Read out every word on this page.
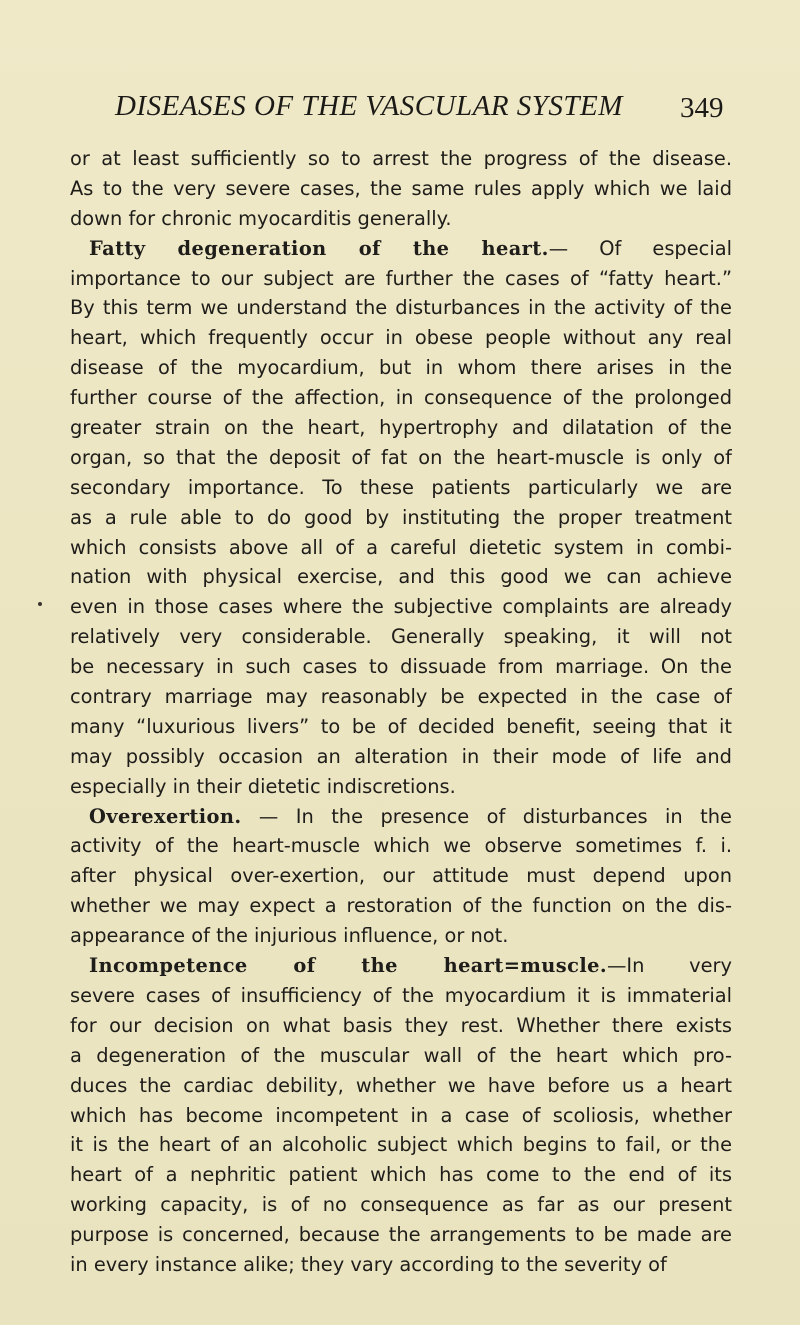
DISEASES OF THE VASCULAR SYSTEM 349
or at least sufficiently so to arrest the progress of the disease.
As to the very severe cases, the same rules apply which we laid
down for chronic myocarditis generally.
Fatty degeneration of the heart.— Of especial
importance to our subject are further the cases of “fatty heart.”
By this term we understand the disturbances in the activity of the
heart, which frequently occur in obese people without any real
disease of the myocardium, but in whom there arises in the
further course of the affection, in consequence of the prolonged
greater strain on the heart, hypertrophy and dilatation of the
organ, so that the deposit of fat on the heart-muscle is only of
secondary importance. To these patients particularly we are
as a rule able to do good by instituting the proper treatment
which consists above all of a careful dietetic system in combi-
nation with physical exercise, and this good we can achieve
even in those cases where the subjective complaints are already
relatively very considerable. Generally speaking, it will not
be necessary in such cases to dissuade from marriage. On the
contrary marriage may reasonably be expected in the case of
many “luxurious livers” to be of decided benefit, seeing that it
may possibly occasion an alteration in their mode of life and
especially in their dietetic indiscretions.
Overexertion. — In the presence of disturbances in the
activity of the heart-muscle which we observe sometimes f. i.
after physical over-exertion, our attitude must depend upon
whether we may expect a restoration of the function on the dis-
appearance of the injurious influence, or not.
Incompetence of the heart=muscle.—In very
severe cases of insufficiency of the myocardium it is immaterial
for our decision on what basis they rest. Whether there exists
a degeneration of the muscular wall of the heart which pro-
duces the cardiac debility, whether we have before us a heart
which has become incompetent in a case of scoliosis, whether
it is the heart of an alcoholic subject which begins to fail, or the
heart of a nephritic patient which has come to the end of its
working capacity, is of no consequence as far as our present
purpose is concerned, because the arrangements to be made are
in every instance alike; they vary according to the severity of
